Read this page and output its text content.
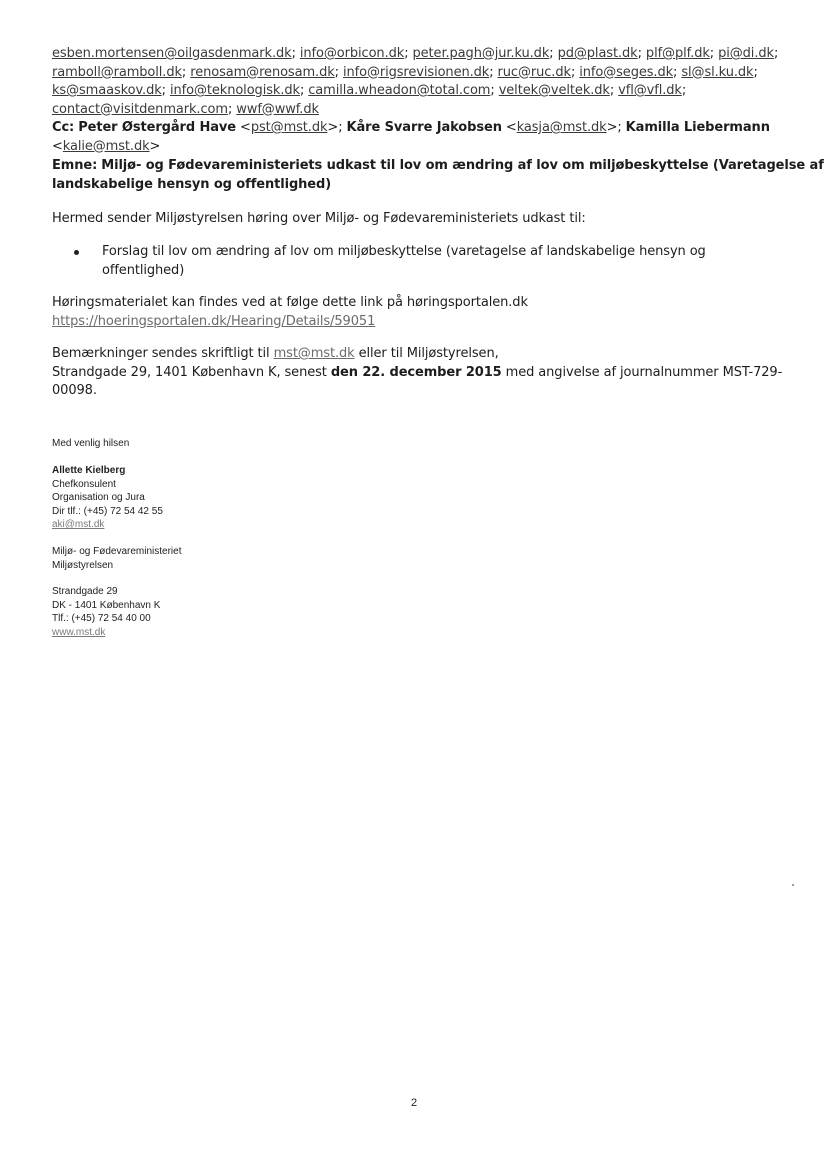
esben.mortensen@oilgasdenmark.dk; info@orbicon.dk; peter.pagh@jur.ku.dk; pd@plast.dk; plf@plf.dk; pi@di.dk;
ramboll@ramboll.dk; renosam@renosam.dk; info@rigsrevisionen.dk; ruc@ruc.dk; info@seges.dk; sl@sl.ku.dk;
ks@smaaskov.dk; info@teknologisk.dk; camilla.wheadon@total.com; veltek@veltek.dk; vfl@vfl.dk;
contact@visitdenmark.com; wwf@wwf.dk
Cc: Peter Østergård Have <pst@mst.dk>; Kåre Svarre Jakobsen <kasja@mst.dk>; Kamilla Liebermann
<kalie@mst.dk>
Emne: Miljø- og Fødevareministeriets udkast til lov om ændring af lov om miljøbeskyttelse (Varetagelse af
landskabelige hensyn og offentlighed)
Hermed sender Miljøstyrelsen høring over Miljø- og Fødevareministeriets udkast til:
Forslag til lov om ændring af lov om miljøbeskyttelse (varetagelse af landskabelige hensyn og
offentlighed)
Høringsmaterialet kan findes ved at følge dette link på høringsportalen.dk
https://hoeringsportalen.dk/Hearing/Details/59051
Bemærkninger sendes skriftligt til mst@mst.dk eller til Miljøstyrelsen,
Strandgade 29, 1401 København K, senest den 22. december 2015 med angivelse af journalnummer MST-729-
00098.
Med venlig hilsen
Allette Kielberg
Chefkonsulent
Organisation og Jura
Dir tlf.: (+45) 72 54 42 55
aki@mst.dk
Miljø- og Fødevareministeriet
Miljøstyrelsen
Strandgade 29
DK - 1401 København K
Tlf.: (+45) 72 54 40 00
www.mst.dk
2
